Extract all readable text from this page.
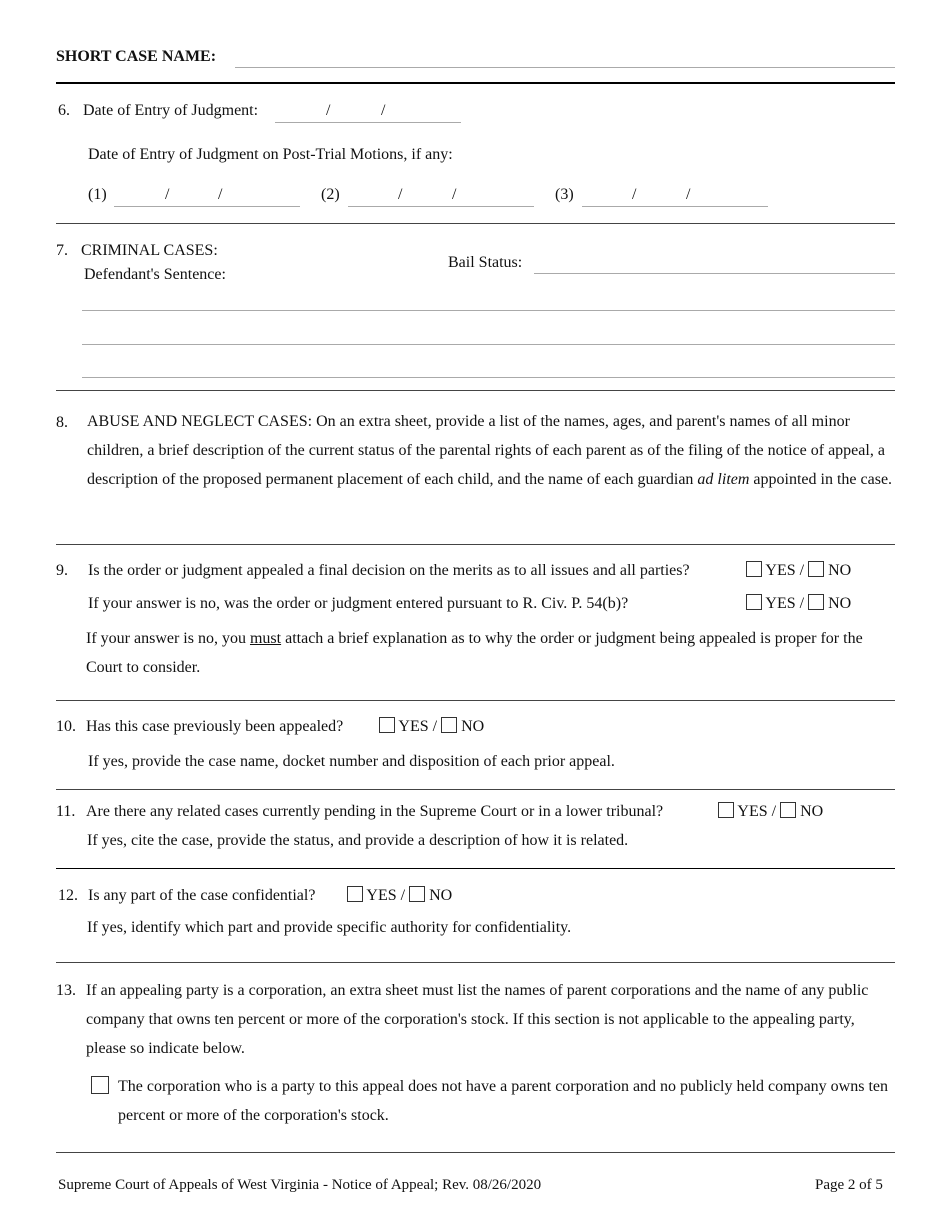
SHORT CASE NAME:
6. Date of Entry of Judgment:	/	/
Date of Entry of Judgment on Post-Trial Motions, if any:
(1)	/	/	(2)	/	/	(3)	/	/
7. CRIMINAL CASES:
Defendant's Sentence:
Bail Status:
8. ABUSE AND NEGLECT CASES: On an extra sheet, provide a list of the names, ages, and parent's names of all minor children, a brief description of the current status of the parental rights of each parent as of the filing of the notice of appeal, a description of the proposed permanent placement of each child, and the name of each guardian ad litem appointed in the case.
9. Is the order or judgment appealed a final decision on the merits as to all issues and all parties?	YES / NO
If your answer is no, was the order or judgment entered pursuant to R. Civ. P. 54(b)?	YES / NO
If your answer is no, you must attach a brief explanation as to why the order or judgment being appealed is proper for the Court to consider.
10. Has this case previously been appealed?	YES / NO
If yes, provide the case name, docket number and disposition of each prior appeal.
11. Are there any related cases currently pending in the Supreme Court or in a lower tribunal?	YES / NO
If yes, cite the case, provide the status, and provide a description of how it is related.
12. Is any part of the case confidential?	YES / NO
If yes, identify which part and provide specific authority for confidentiality.
13. If an appealing party is a corporation, an extra sheet must list the names of parent corporations and the name of any public company that owns ten percent or more of the corporation's stock. If this section is not applicable to the appealing party, please so indicate below.
The corporation who is a party to this appeal does not have a parent corporation and no publicly held company owns ten percent or more of the corporation's stock.
Supreme Court of Appeals of West Virginia - Notice of Appeal; Rev. 08/26/2020	Page 2 of 5
